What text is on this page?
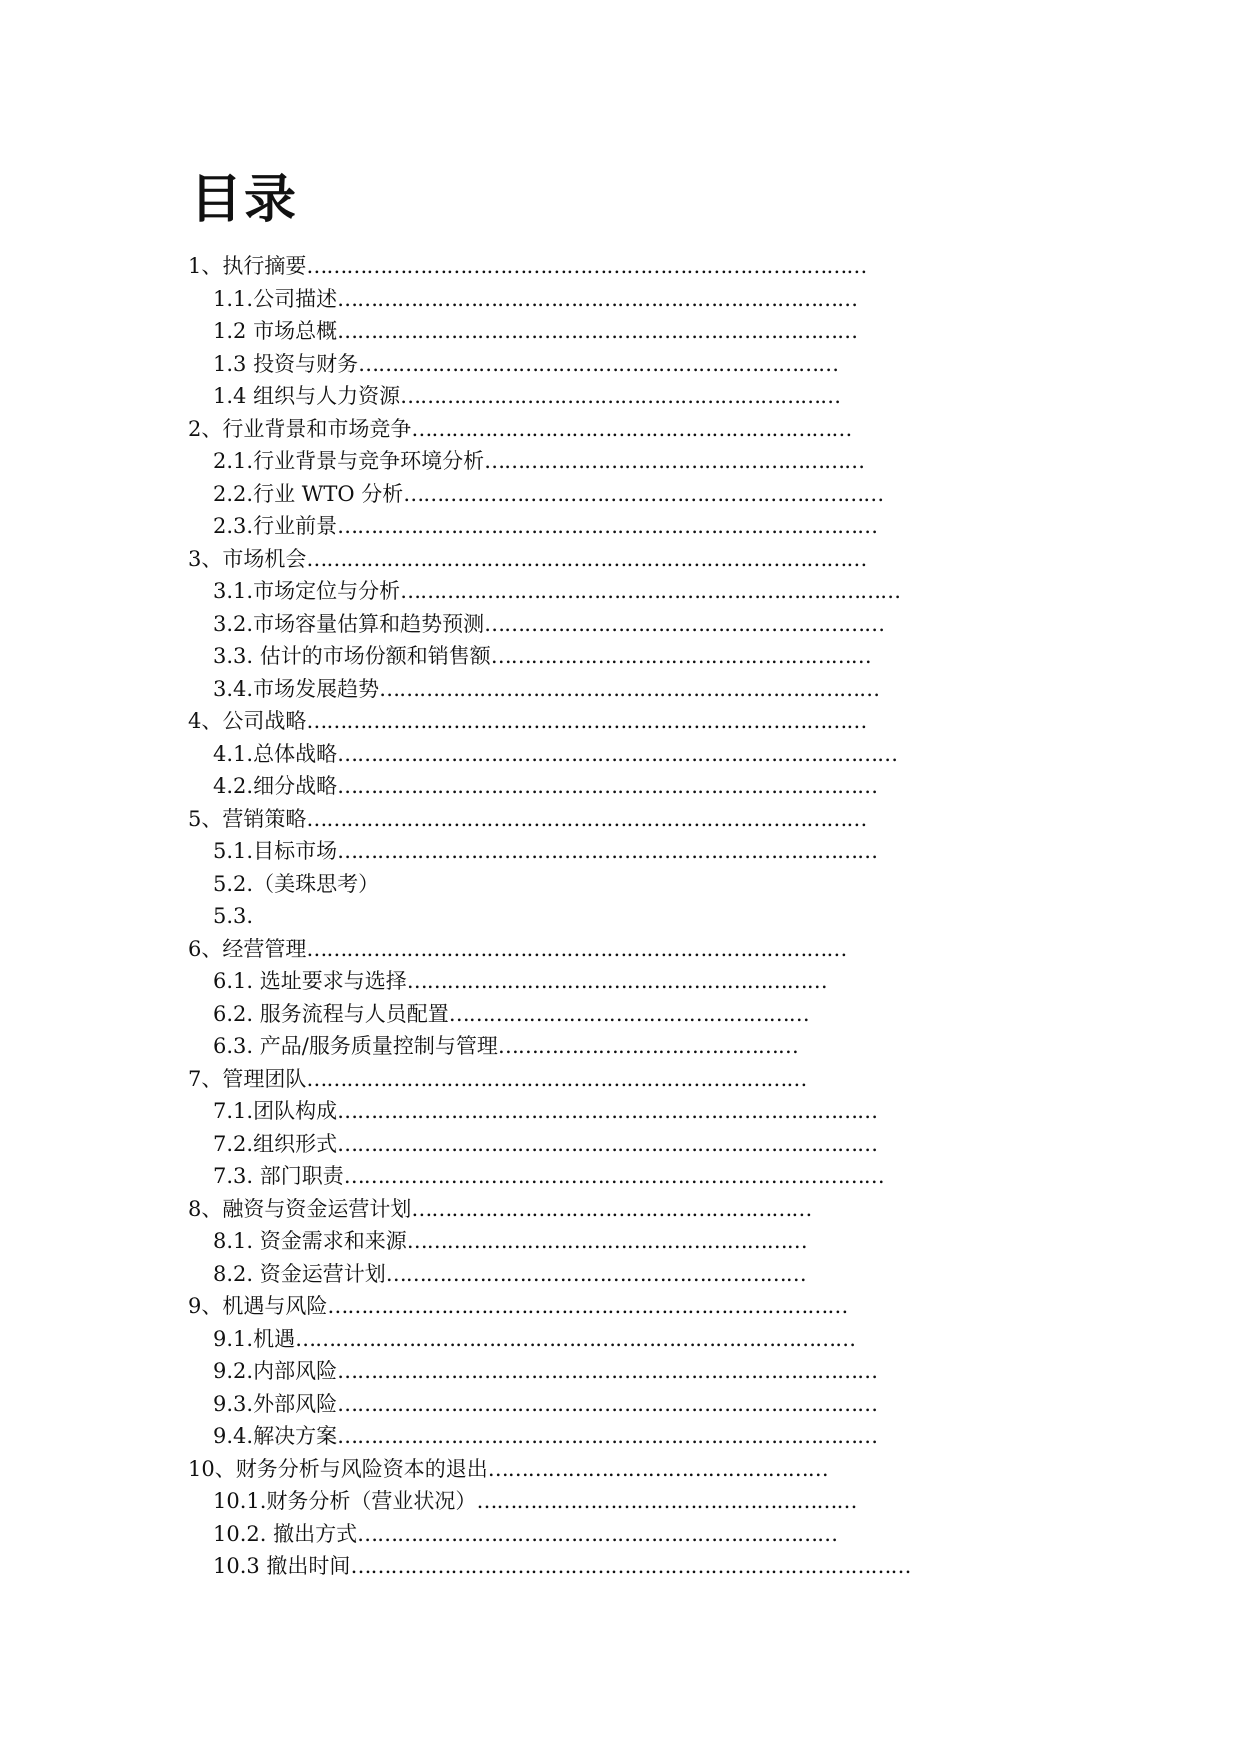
目录
1、执行摘要…………………………………………………………………………
1.1.公司描述……………………………………………………………………
1.2 市场总概……………………………………………………………………
1.3 投资与财务………………………………………………………………
1.4 组织与人力资源…………………………………………………………
2、行业背景和市场竞争…………………………………………………………
2.1.行业背景与竞争环境分析…………………………………………………
2.2.行业 WTO 分析………………………………………………………………
2.3.行业前景………………………………………………………………………
3、市场机会…………………………………………………………………………
3.1.市场定位与分析…………………………………………………………………
3.2.市场容量估算和趋势预测……………………………………………………
3.3. 估计的市场份额和销售额…………………………………………………
3.4.市场发展趋势…………………………………………………………………
4、公司战略…………………………………………………………………………
4.1.总体战略…………………………………………………………………………
4.2.细分战略………………………………………………………………………
5、营销策略…………………………………………………………………………
5.1.目标市场………………………………………………………………………
5.2.（美珠思考）
5.3.
6、经营管理………………………………………………………………………
6.1. 选址要求与选择………………………………………………………
6.2. 服务流程与人员配置………………………………………………
6.3. 产品/服务质量控制与管理………………………………………
7、管理团队…………………………………………………………………
7.1.团队构成………………………………………………………………………
7.2.组织形式………………………………………………………………………
7.3. 部门职责………………………………………………………………………
8、融资与资金运营计划……………………………………………………
8.1. 资金需求和来源……………………………………………………
8.2. 资金运营计划………………………………………………………
9、机遇与风险……………………………………………………………………
9.1.机遇…………………………………………………………………………
9.2.内部风险………………………………………………………………………
9.3.外部风险………………………………………………………………………
9.4.解决方案………………………………………………………………………
10、财务分析与风险资本的退出……………………………………………
10.1.财务分析（营业状况）…………………………………………………
10.2. 撤出方式………………………………………………………………
10.3 撤出时间…………………………………………………………………………
